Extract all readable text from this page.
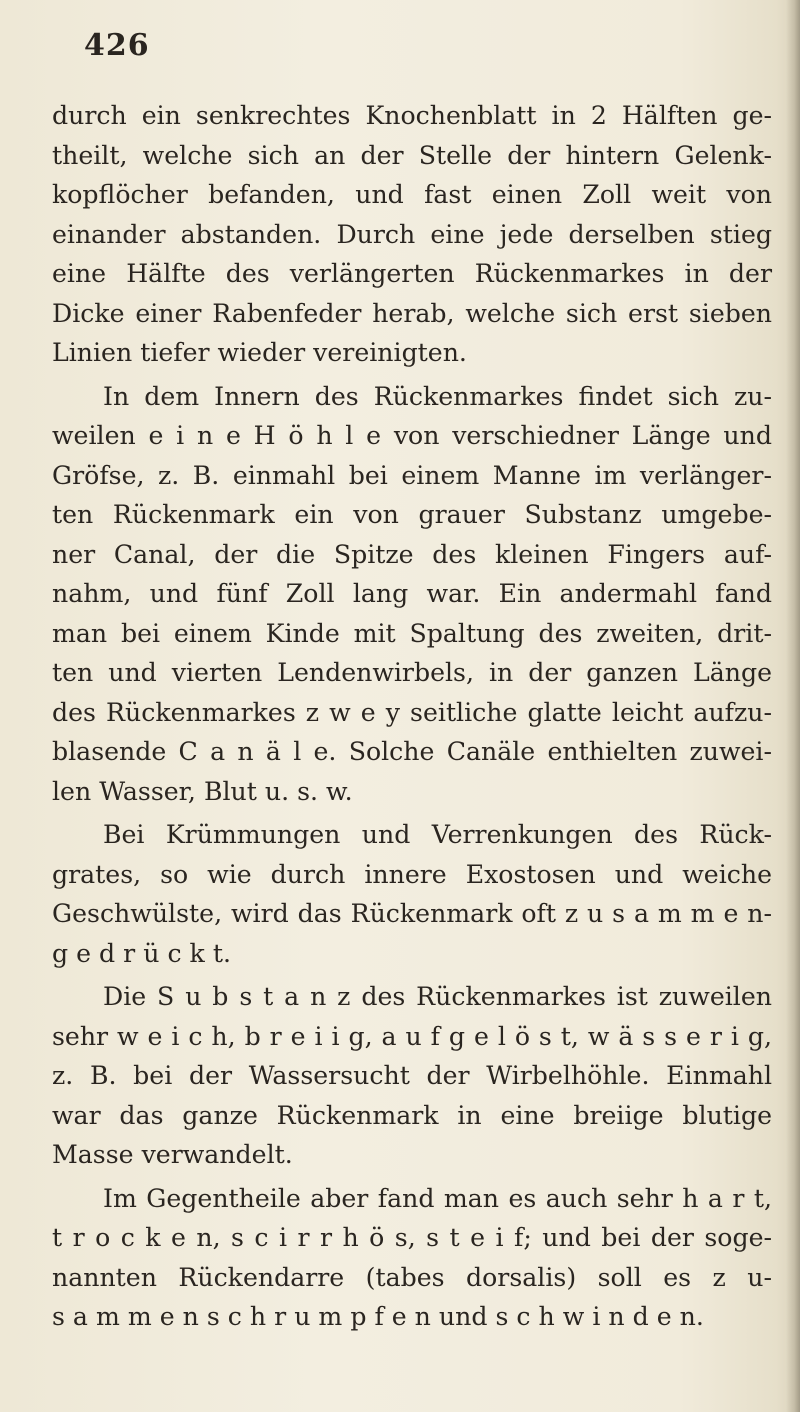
426
durch ein senkrechtes Knochenblatt in 2 Hälften ge-
theilt, welche sich an der Stelle der hintern Gelenk-
kopflöcher befanden, und fast einen Zoll weit von
einander abstanden. Durch eine jede derselben stieg
eine Hälfte des verlängerten Rückenmarkes in der
Dicke einer Rabenfeder herab, welche sich erst sieben
Linien tiefer wieder vereinigten.
In dem Innern des Rückenmarkes findet sich zu-
weilen e i n e H ö h l e von verschiedner Länge und
Gröfse, z. B. einmahl bei einem Manne im verlänger-
ten Rückenmark ein von grauer Substanz umgebe-
ner Canal, der die Spitze des kleinen Fingers auf-
nahm, und fünf Zoll lang war. Ein andermahl fand
man bei einem Kinde mit Spaltung des zweiten, drit-
ten und vierten Lendenwirbels, in der ganzen Länge
des Rückenmarkes z w e y seitliche glatte leicht aufzu-
blasende C a n ä l e. Solche Canäle enthielten zuwei-
len Wasser, Blut u. s. w.
Bei Krümmungen und Verrenkungen des Rück-
grates, so wie durch innere Exostosen und weiche
Geschwülste, wird das Rückenmark oft z u s a m m e n-
g e d r ü c k t.
Die S u b s t a n z des Rückenmarkes ist zuweilen
sehr w e i c h, b r e i i g, a u f g e l ö s t, w ä s s e r i g,
z. B. bei der Wassersucht der Wirbelhöhle. Einmahl
war das ganze Rückenmark in eine breiige blutige
Masse verwandelt.
Im Gegentheile aber fand man es auch sehr h a r t,
t r o c k e n, s c i r r h ö s, s t e i f; und bei der soge-
nannten Rückendarre (tabes dorsalis) soll es z u-
s a m m e n s c h r u m p f e n und s c h w i n d e n.
